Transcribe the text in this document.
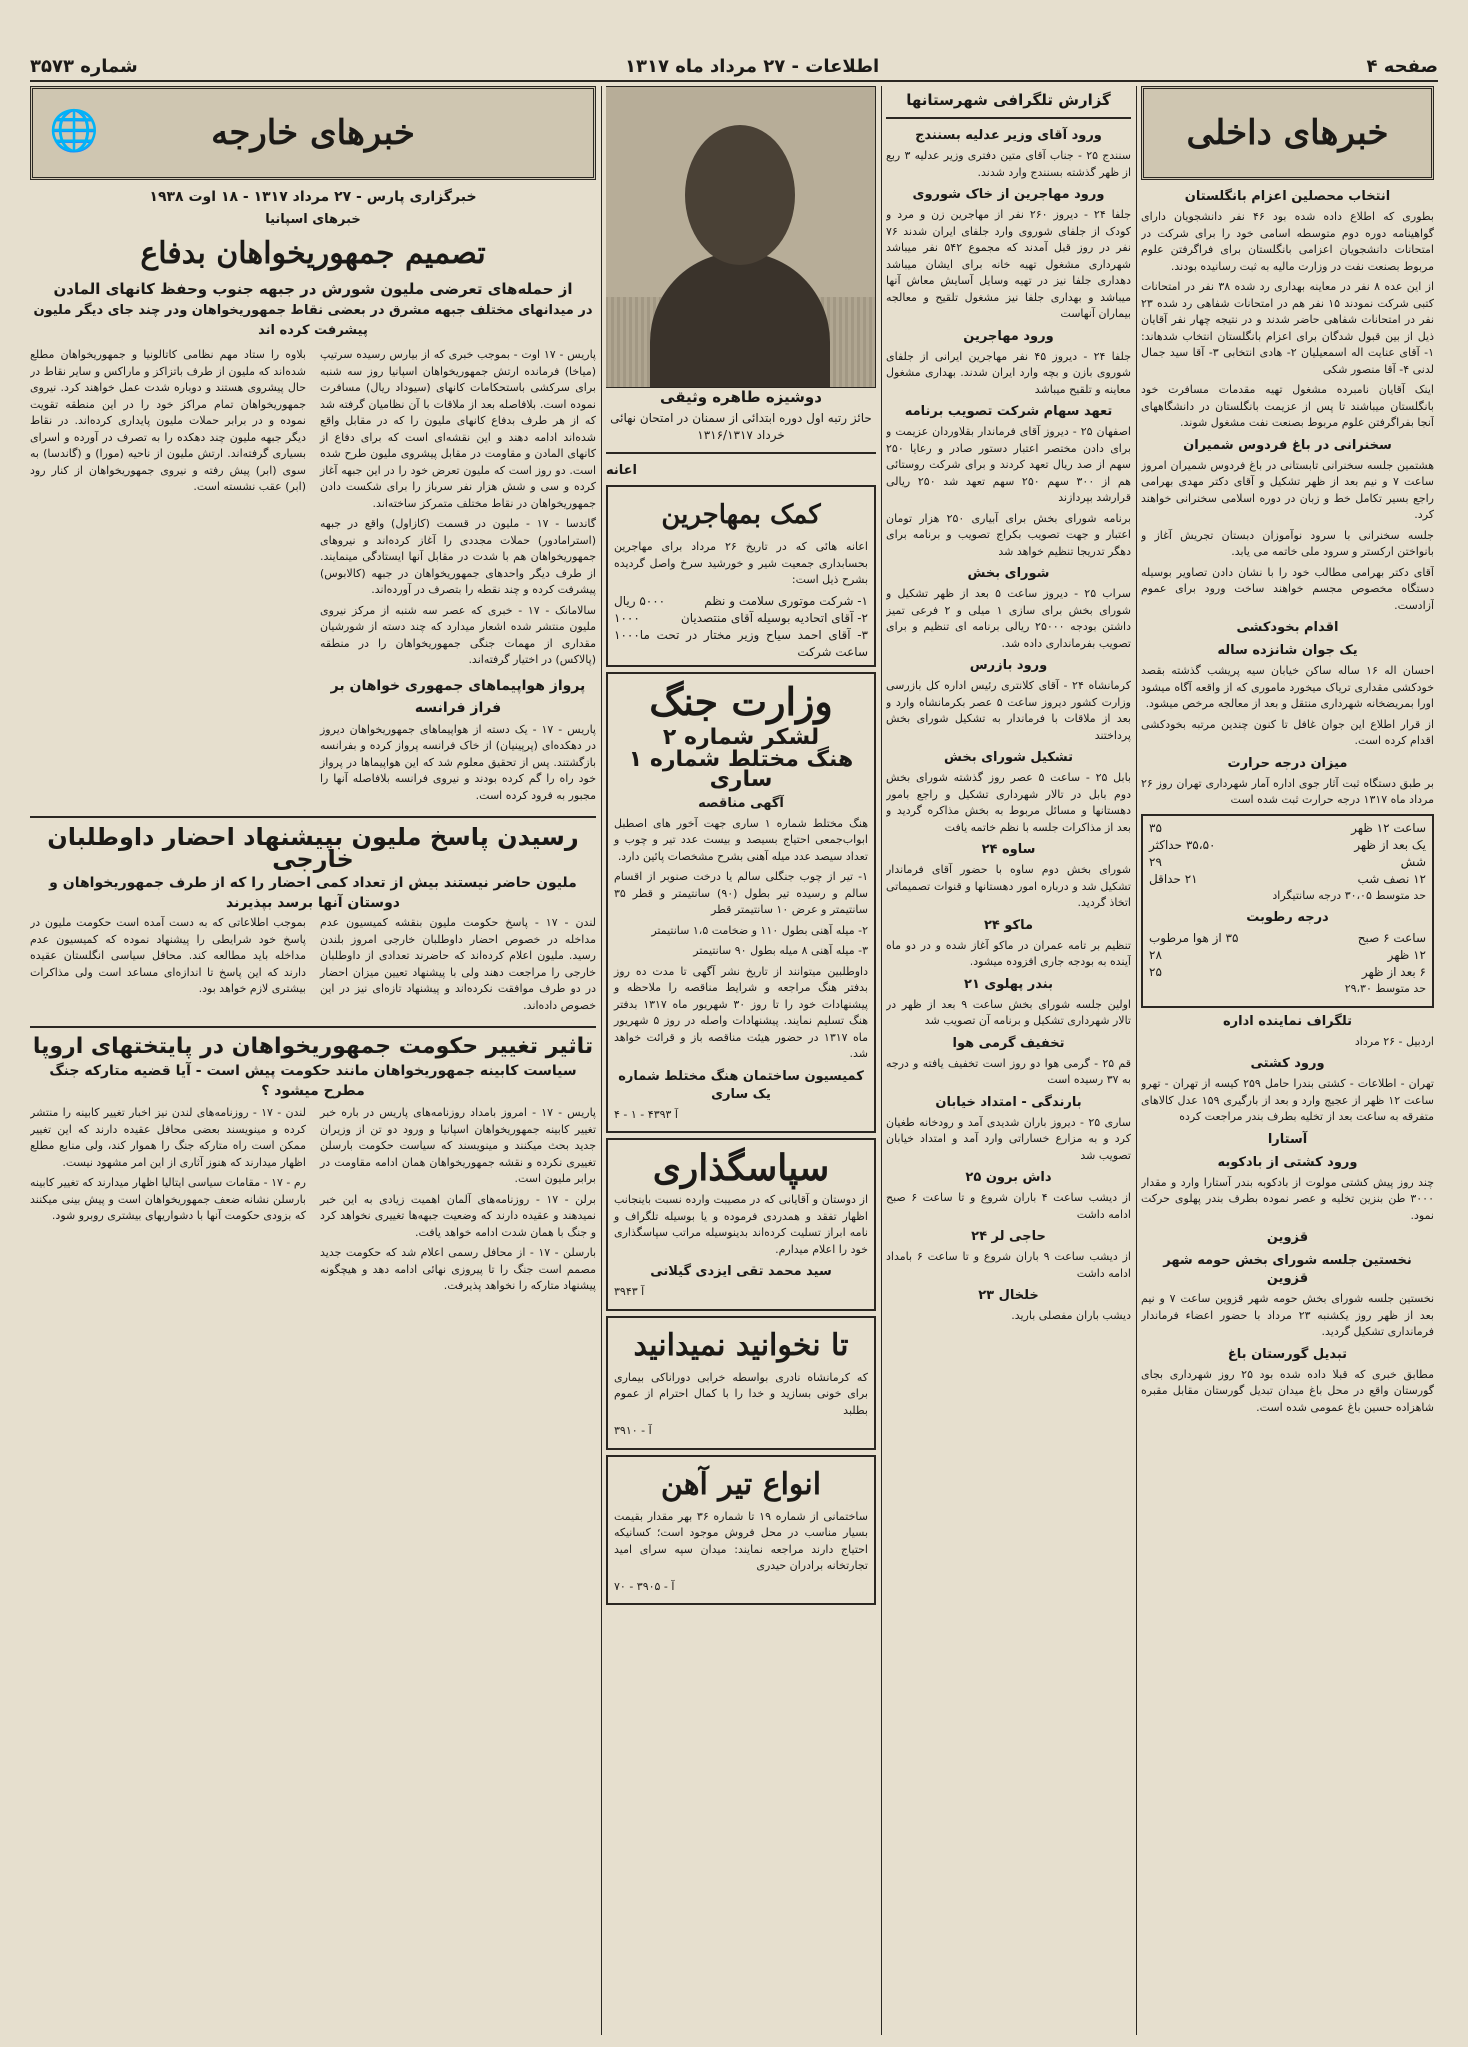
صفحه ۴
اطلاعات - ۲۷ مرداد ماه ۱۳۱۷
شماره ۳۵۷۳
خبرهای داخلی
انتخاب محصلین اعزام بانگلستان

بطوری که اطلاع داده شده بود ۴۶ نفر دانشجویان دارای گواهینامه دوره دوم متوسطه اسامی خود را برای شرکت در امتحانات دانشجویان اعزامی بانگلستان برای فراگرفتن علوم مربوط بصنعت نفت در وزارت مالیه به ثبت رسانیده بودند.

از این عده ۸ نفر در معاینه بهداری رد شده ۳۸ نفر در امتحانات کتبی شرکت نمودند ۱۵ نفر هم در امتحانات شفاهی رد شده ۲۳ نفر در امتحانات شفاهی حاضر شدند و در نتیجه چهار نفر آقایان ذیل از بین قبول شدگان برای اعزام بانگلستان انتخاب شدهاند: ۱- آقای عنایت اله اسمعیلیان ۲- هادی انتخابی ۳- آقا سید جمال لدنی ۴- آقا منصور شکی

اینک آقایان نامبرده مشغول تهیه مقدمات مسافرت خود بانگلستان میباشند تا پس از عزیمت بانگلستان در دانشگاههای آنجا بفراگرفتن علوم مربوط بصنعت نفت مشغول شوند.

سخنرانی در باغ فردوس شمیران

هشتمین جلسه سخنرانی تابستانی در باغ فردوس شمیران امروز ساعت ۷ و نیم بعد از ظهر تشکیل و آقای دکتر مهدی بهرامی راجع بسیر تکامل خط و زبان در دوره اسلامی سخنرانی خواهند کرد.

جلسه سخنرانی با سرود نوآموزان دبستان تجریش آغاز و بانواختن ارکستر و سرود ملی خاتمه می یابد.

آقای دکتر بهرامی مطالب خود را با نشان دادن تصاویر بوسیله دستگاه مخصوص مجسم خواهند ساخت ورود برای عموم آزادست.

اقدام بخودکشی
یک جوان شانزده ساله

احسان اله ۱۶ ساله ساکن خیابان سیه پریشب گذشته بقصد خودکشی مقداری تریاک میخورد ماموری که از واقعه آگاه میشود اورا بمریضخانه شهرداری منتقل و بعد از معالجه مرخص میشود.

از قرار اطلاع این جوان غافل تا کنون چندین مرتبه بخودکشی اقدام کرده است.

میزان درجه حرارت

بر طبق دستگاه ثبت آثار جوی اداره آمار شهرداری تهران روز ۲۶ مرداد ماه ۱۳۱۷ درجه حرارت ثبت شده است

ساعت ۱۲ ظهر
۳۵
یک بعد از ظهر
۳۵،۵۰ حداکثر
شش
۲۹
۱۲ نصف شب
۲۱ حداقل

حد متوسط ۳۰،۰۵ درجه سانتیگراد

درجه رطوبت
ساعت ۶ صبح
۳۵ از هوا مرطوب
۱۲ ظهر
۲۸
۶ بعد از ظهر
۲۵

حد متوسط ۲۹،۳۰

تلگراف نماینده اداره

اردبیل - ۲۶ مرداد

ورود کشتی

تهران - اطلاعات - کشتی بندرا حامل ۲۵۹ کیسه از تهران - تهرو ساعت ۱۲ ظهر از عجیج وارد و بعد از بارگیری ۱۵۹ عدل کالاهای متفرقه به ساعت بعد از تخلیه بطرف بندر مراجعت کرده

آستارا
ورود کشتی از بادکوبه

چند روز پیش کشتی مولوت از بادکوبه بندر آستارا وارد و مقدار ۳۰۰۰ طن بنزین تخلیه و عصر نموده بطرف بندر پهلوی حرکت نمود.

قزوین
نخستین جلسه شورای بخش حومه شهر قزوین

نخستین جلسه شورای بخش حومه شهر قزوین ساعت ۷ و نیم بعد از ظهر روز یکشنبه ۲۳ مرداد با حضور اعضاء فرماندار فرمانداری تشکیل گردید.

تبدیل گورستان باغ

مطابق خبری که قبلا داده شده بود ۲۵ روز شهرداری بجای گورستان واقع در محل باغ میدان تبدیل گورستان مقابل مقبره شاهزاده حسین باغ عمومی شده است.

گزارش تلگرافی شهرستانها
ورود آقای وزیر عدلیه بسنندج

سنندج ۲۵ - جناب آقای متین دفتری وزیر عدلیه ۳ ربع از ظهر گذشته بسنندج وارد شدند.

ورود مهاجرین از خاک شوروی

جلفا ۲۴ - دیروز ۲۶۰ نفر از مهاجرین زن و مرد و کودک از جلفای شوروی وارد جلفای ایران شدند ۷۶ نفر در روز قبل آمدند که مجموع ۵۴۲ نفر میباشد شهرداری مشغول تهیه خانه برای ایشان میباشد دهداری جلفا نیز در تهیه وسایل آسایش معاش آنها میباشد و بهداری جلفا نیز مشغول تلقیح و معالجه بیماران آنهاست

ورود مهاجرین

جلفا ۲۴ - دیروز ۴۵ نفر مهاجرین ایرانی از جلفای شوروی بازن و بچه وارد ایران شدند. بهداری مشغول معاینه و تلقیح میباشد

تعهد سهام شرکت تصویب برنامه

اصفهان ۲۵ - دیروز آقای فرماندار بقلاوردان عزیمت و برای دادن مختصر اعتبار دستور صادر و رعایا ۲۵۰ سهم از صد ریال تعهد کردند و برای شرکت روستائی هم از ۳۰۰ سهم ۲۵۰ سهم تعهد شد ۲۵۰ ریالی قرارشد بپردازند

برنامه شورای بخش برای آبیاری ۲۵۰ هزار تومان اعتبار و جهت تصویب بکراج تصویب و برنامه برای دهگر تدریجا تنظیم خواهد شد

شورای بخش

سراب ۲۵ - دیروز ساعت ۵ بعد از ظهر تشکیل و شورای بخش برای سازی ۱ میلی و ۲ فرعی تمیز داشتن بودجه ۲۵۰۰۰ ریالی برنامه ای تنظیم و برای تصویب بفرمانداری داده شد.

ورود بازرس

کرمانشاه ۲۴ - آقای کلانتری رئیس اداره کل بازرسی وزارت کشور دیروز ساعت ۵ عصر بکرمانشاه وارد و بعد از ملاقات با فرماندار به تشکیل شورای بخش پرداختند

تشکیل شورای بخش

بابل ۲۵ - ساعت ۵ عصر روز گذشته شورای بخش دوم بابل در تالار شهرداری تشکیل و راجع بامور دهستانها و مسائل مربوط به بخش مذاکره گردید و بعد از مذاکرات جلسه با نظم خاتمه یافت

ساوه ۲۴

شورای بخش دوم ساوه با حضور آقای فرماندار تشکیل شد و درباره امور دهستانها و قنوات تصمیماتی اتخاذ گردید.

ماکو ۲۴

تنظیم بر تامه عمران در ماکو آغاز شده و در دو ماه آینده به بودجه جاری افزوده میشود.

بندر پهلوی ۲۱

اولین جلسه شورای بخش ساعت ۹ بعد از ظهر در تالار شهرداری تشکیل و برنامه آن تصویب شد

تخفیف گرمی هوا

قم ۲۵ - گرمی هوا دو روز است تخفیف یافته و درجه به ۳۷ رسیده است

بارندگی - امتداد خیابان

ساری ۲۵ - دیروز باران شدیدی آمد و رودخانه طغیان کرد و به مزارع خساراتی وارد آمد و امتداد خیابان تصویب شد

داش برون ۲۵

از دیشب ساعت ۴ باران شروع و تا ساعت ۶ صبح ادامه داشت

حاجی لر ۲۴

از دیشب ساعت ۹ باران شروع و تا ساعت ۶ بامداد ادامه داشت

خلخال ۲۳

دیشب باران مفصلی بارید.

دوشیزه طاهره وثیقی
حائز رتبه اول دوره ابتدائی از سمنان در امتحان نهائی خرداد ۱۳۱۶/۱۳۱۷
اعانه
کمک بمهاجرین

اعانه هائی که در تاریخ ۲۶ مرداد برای مهاجرین بحسابداری جمعیت شیر و خورشید سرخ واصل گردیده بشرح ذیل است:

۱- شرکت موتوری سلامت و نظم
۵۰۰۰ ریال
۲- آقای اتحادیه بوسیله آقای منتصدیان
۱۰۰۰
۳- آقای احمد سیاح وزیر مختار در تحت ما ساعت شرکت
۱۰۰۰
وزارت جنگ
لشکر شماره ۲
هنگ مختلط شماره ۱ ساری
آگهی مناقصه

هنگ مختلط شماره ۱ ساری جهت آخور های اصطبل ابواب‌جمعی احتیاج بسیصد و بیست عدد تیر و چوب و تعداد سیصد عدد میله آهنی بشرح مشخصات پائین دارد.

۱- تیر از چوب جنگلی سالم یا درخت صنوبر از اقسام سالم و رسیده تیر بطول (۹۰) سانتیمتر و قطر ۳۵ سانتیمتر و عرض ۱۰ سانتیمتر قطر

۲- میله آهنی بطول ۱۱۰ و ضخامت ۱،۵ سانتیمتر

۳- میله آهنی ۸ میله بطول ۹۰ سانتیمتر

داوطلبین میتوانند از تاریخ نشر آگهی تا مدت ده روز بدفتر هنگ مراجعه و شرایط مناقصه را ملاحظه و پیشنهادات خود را تا روز ۳۰ شهریور ماه ۱۳۱۷ بدفتر هنگ تسلیم نمایند. پیشنهادات واصله در روز ۵ شهریور ماه ۱۳۱۷ در حضور هیئت مناقصه باز و قرائت خواهد شد.

کمیسیون ساختمان هنگ مختلط شماره یک ساری

آ ۴۳۹۳ - ۱ - ۴

سپاسگذاری

از دوستان و آقایانی که در مصیبت وارده نسبت باینجانب اظهار تفقد و همدردی فرموده و یا بوسیله تلگراف و نامه ابراز تسلیت کرده‌اند بدینوسیله مراتب سپاسگذاری خود را اعلام میدارم.

سید محمد تقی ایزدی گیلانی

آ ۳۹۴۳

تا نخوانید نمیدانید

که کرمانشاه نادری بواسطه خرابی دوراناکی بیماری برای خونی بسازید و خدا را با کمال احترام از عموم بطلبد

آ - ۳۹۱۰

انواع تیر آهن

ساختمانی از شماره ۱۹ تا شماره ۳۶ بهر مقدار بقیمت بسیار مناسب در محل فروش موجود است؛ کسانیکه احتیاج دارند مراجعه نمایند: میدان سپه سرای امید تجارتخانه برادران حیدری

آ - ۳۹۰۵ - ۷۰

🌐	خبرهای خارجه
خبرگزاری پارس - ۲۷ مرداد ۱۳۱۷ - ۱۸ اوت ۱۹۳۸
خبرهای اسپانیا
تصمیم جمهوریخواهان بدفاع
از حمله‌های تعرضی ملیون شورش در جبهه جنوب وحفظ کانهای المادن
در میدانهای مختلف جبهه مشرق در بعضی نقاط جمهوریخواهان ودر چند جای دیگر ملیون پیشرفت کرده اند

پاریس - ۱۷ اوت - بموجب خبری که از بیارس رسیده سرتیپ (میاخا) فرمانده ارتش جمهوریخواهان اسپانیا روز سه شنبه برای سرکشی باستحکامات کانهای (سیوداد ریال) مسافرت نموده است. بلافاصله بعد از ملاقات با آن نظامیان گرفته شد که از هر طرف بدفاع کانهای ملیون را که در مقابل واقع شده‌اند ادامه دهند و این نقشه‌ای است که برای دفاع از کانهای المادن و مقاومت در مقابل پیشروی ملیون طرح شده است. دو روز است که ملیون تعرض خود را در این جبهه آغاز کرده و سی و شش هزار نفر سرباز را برای شکست دادن جمهوریخواهان در نقاط مختلف متمرکز ساخته‌اند.

گاندسا - ۱۷ - ملیون در قسمت (کازاول) واقع در جبهه (استرامادور) حملات مجددی را آغاز کرده‌اند و نیروهای جمهوریخواهان هم با شدت در مقابل آنها ایستادگی مینمایند. از طرف دیگر واحدهای جمهوریخواهان در جبهه (کالابوس) پیشرفت کرده و چند نقطه را بتصرف در آورده‌اند.

سالامانک - ۱۷ - خبری که عصر سه شنبه از مرکز نیروی ملیون منتشر شده اشعار میدارد که چند دسته از شورشیان مقداری از مهمات جنگی جمهوریخواهان را در منطقه (پالاکس) در اختیار گرفته‌اند.

پرواز هواپیماهای جمهوری خواهان بر فراز فرانسه

پاریس - ۱۷ - یک دسته از هواپیماهای جمهوریخواهان دیروز در دهکده‌ای (پرپینیان) از خاک فرانسه پرواز کرده و بفرانسه بازگشتند. پس از تحقیق معلوم شد که این هواپیماها در پرواز خود راه را گم کرده بودند و نیروی فرانسه بلافاصله آنها را مجبور به فرود کرده است.

بلاوه را ستاد مهم نظامی کاتالونیا و جمهوریخواهان مطلع شده‌اند که ملیون از طرف باتزاکز و ماراکس و سایر نقاط در حال پیشروی هستند و دوباره شدت عمل خواهند کرد. نیروی جمهوریخواهان تمام مراکز خود را در این منطقه تقویت نموده و در برابر حملات ملیون پایداری کرده‌اند. در نقاط دیگر جبهه ملیون چند دهکده را به تصرف در آورده و اسرای بسیاری گرفته‌اند. ارتش ملیون از ناحیه (مورا) و (گاندسا) به سوی (ابر) پیش رفته و نیروی جمهوریخواهان از کنار رود (ابر) عقب نشسته است.

رسیدن پاسخ ملیون بپیشنهاد احضار داوطلبان خارجی
ملیون حاضر نیستند بیش از تعداد کمی احضار را که از طرف جمهوریخواهان و دوستان آنها برسد بپذیرند

لندن - ۱۷ - پاسخ حکومت ملیون بنقشه کمیسیون عدم مداخله در خصوص احضار داوطلبان خارجی امروز بلندن رسید. ملیون اعلام کرده‌اند که حاضرند تعدادی از داوطلبان خارجی را مراجعت دهند ولی با پیشنهاد تعیین میزان احضار در دو طرف موافقت نکرده‌اند و پیشنهاد تازه‌ای نیز در این خصوص داده‌اند.

بموجب اطلاعاتی که به دست آمده است حکومت ملیون در پاسخ خود شرایطی را پیشنهاد نموده که کمیسیون عدم مداخله باید مطالعه کند. محافل سیاسی انگلستان عقیده دارند که این پاسخ تا اندازه‌ای مساعد است ولی مذاکرات بیشتری لازم خواهد بود.

تاثیر تغییر حکومت جمهوریخواهان در پایتختهای اروپا
سیاست کابینه جمهوریخواهان مانند حکومت پیش است - آیا قضیه متارکه جنگ مطرح میشود ؟

پاریس - ۱۷ - امروز بامداد روزنامه‌های پاریس در باره خبر تغییر کابینه جمهوریخواهان اسپانیا و ورود دو تن از وزیران جدید بحث میکنند و مینویسند که سیاست حکومت بارسلن تغییری نکرده و نقشه جمهوریخواهان همان ادامه مقاومت در برابر ملیون است.

برلن - ۱۷ - روزنامه‌های آلمان اهمیت زیادی به این خبر نمیدهند و عقیده دارند که وضعیت جبهه‌ها تغییری نخواهد کرد و جنگ با همان شدت ادامه خواهد یافت.

بارسلن - ۱۷ - از محافل رسمی اعلام شد که حکومت جدید مصمم است جنگ را تا پیروزی نهائی ادامه دهد و هیچگونه پیشنهاد متارکه را نخواهد پذیرفت.

لندن - ۱۷ - روزنامه‌های لندن نیز اخبار تغییر کابینه را منتشر کرده و مینویسند بعضی محافل عقیده دارند که این تغییر ممکن است راه متارکه جنگ را هموار کند، ولی منابع مطلع اظهار میدارند که هنوز آثاری از این امر مشهود نیست.

رم - ۱۷ - مقامات سیاسی ایتالیا اظهار میدارند که تغییر کابینه بارسلن نشانه ضعف جمهوریخواهان است و پیش بینی میکنند که بزودی حکومت آنها با دشواریهای بیشتری روبرو شود.
